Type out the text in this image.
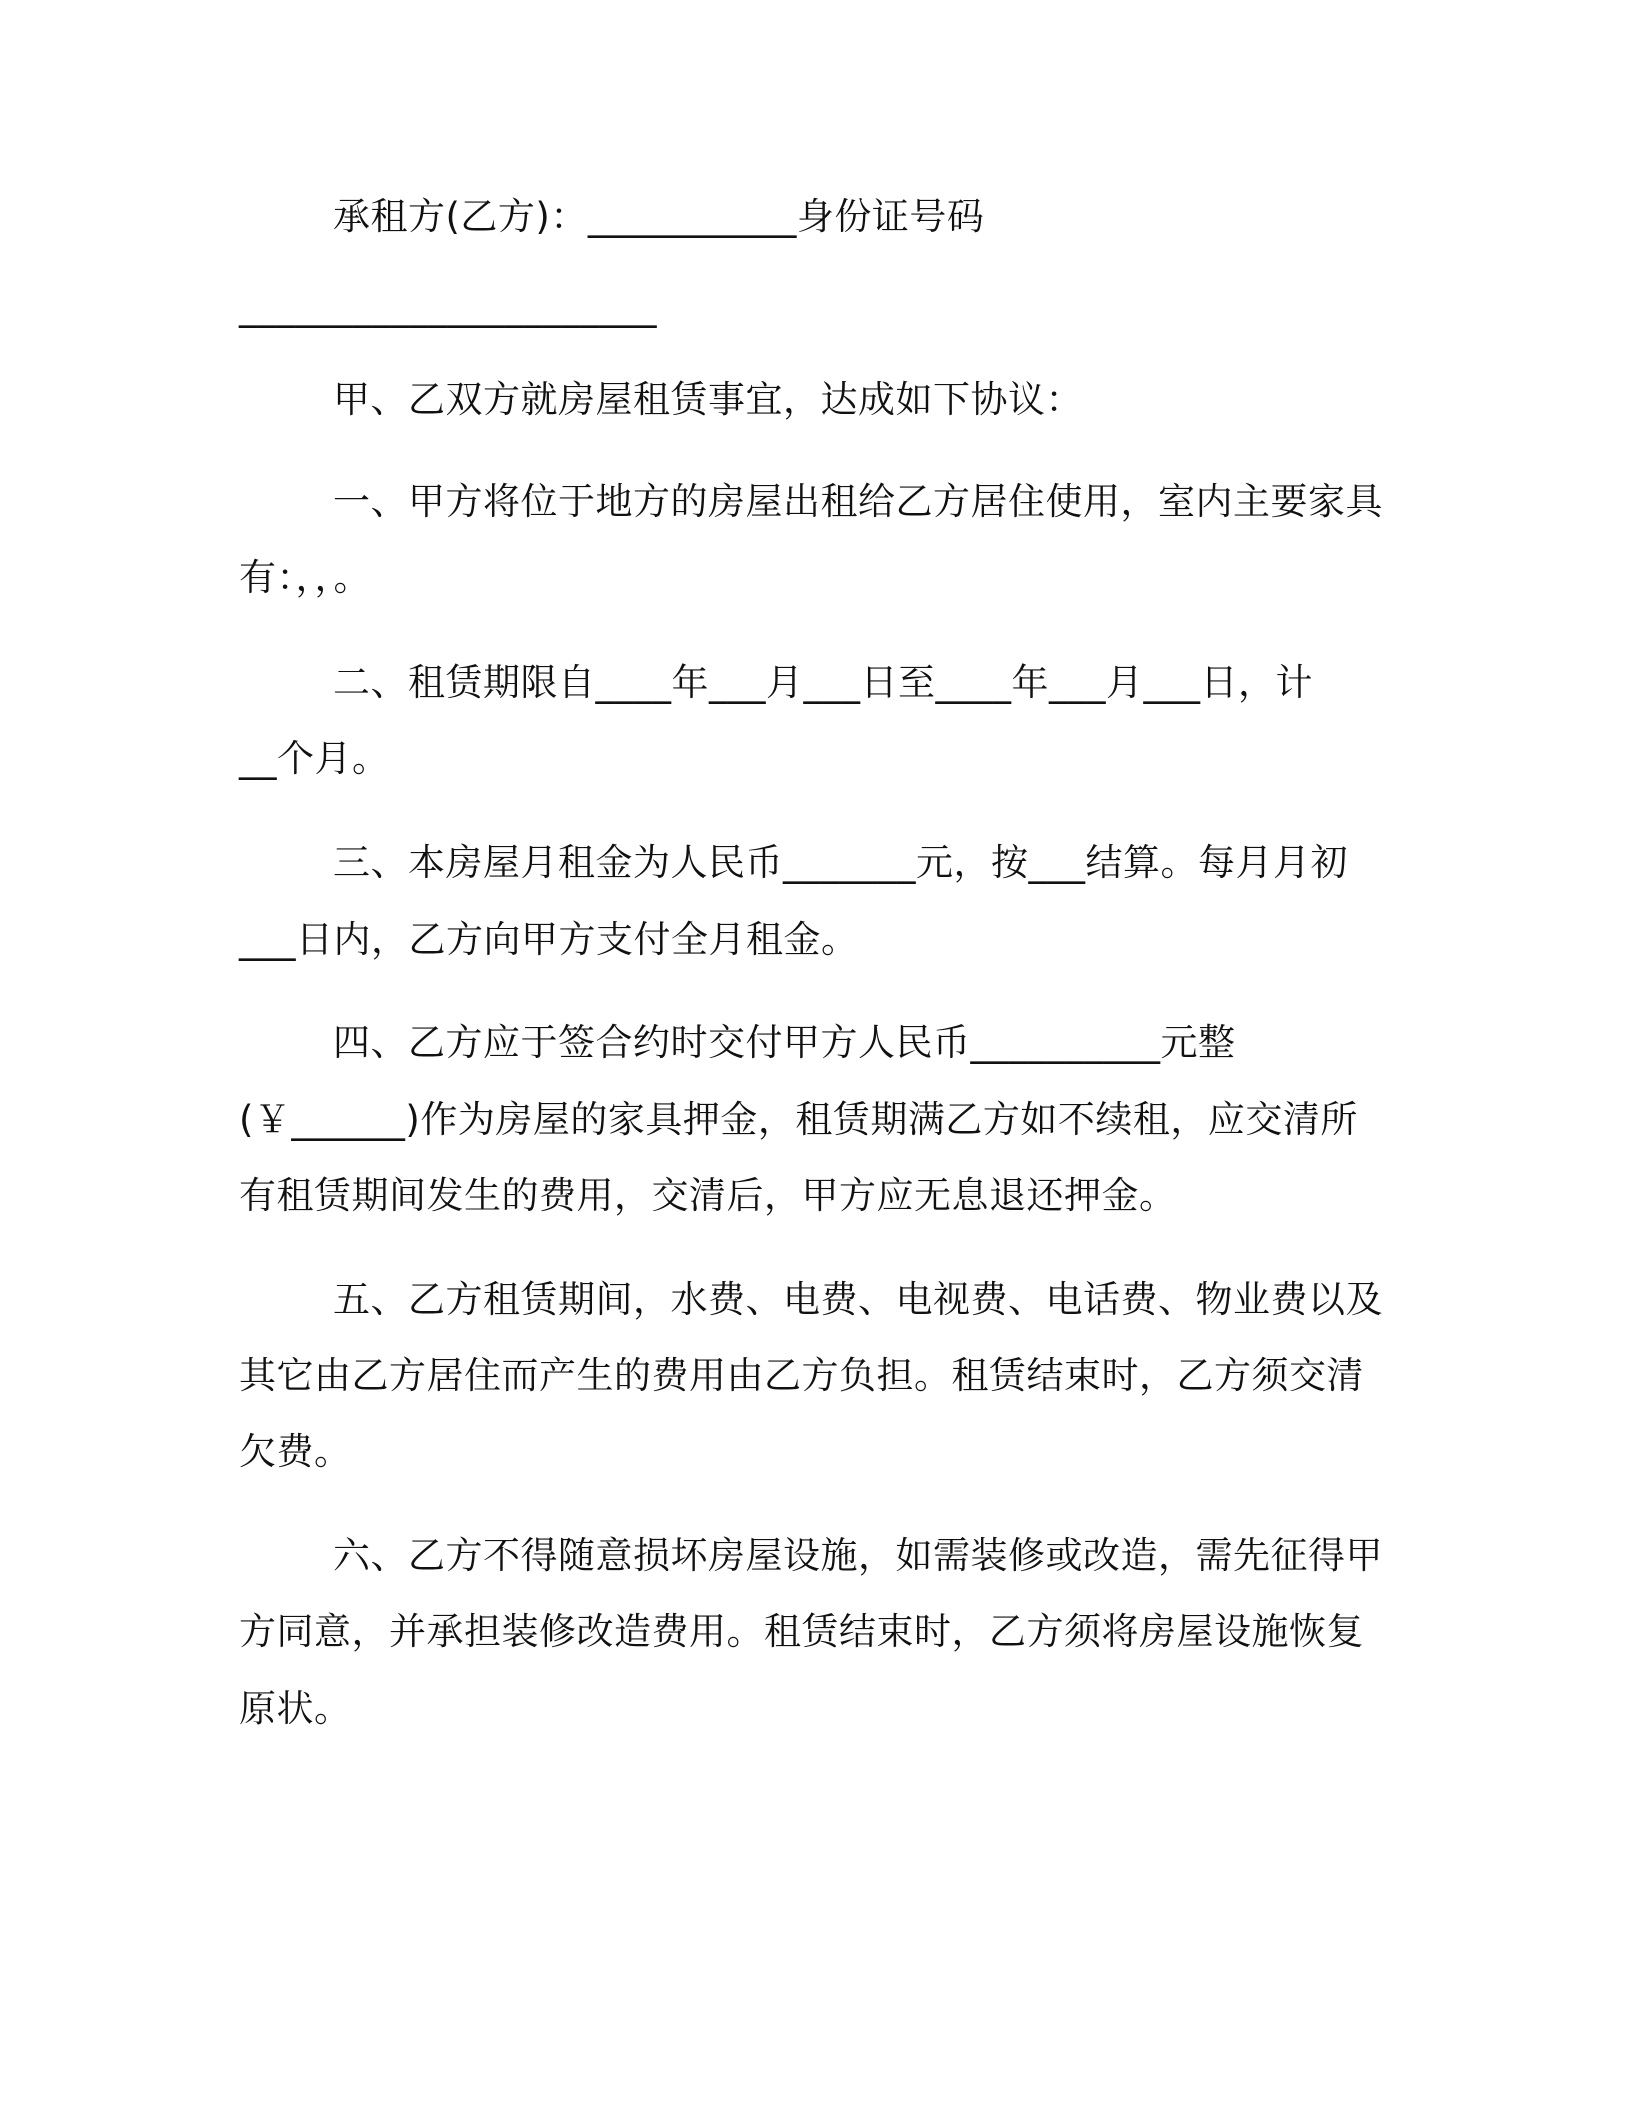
承租方(乙方)：___________身份证号码
______________________
甲、乙双方就房屋租赁事宜，达成如下协议：
一、甲方将位于地方的房屋出租给乙方居住使用，室内主要家具
有：，，。
二、租赁期限自____年___月___日至____年___月___日，计
__个月。
三、本房屋月租金为人民币_______元，按___结算。每月月初
___日内，乙方向甲方支付全月租金。
四、乙方应于签合约时交付甲方人民币__________元整
(￥______)作为房屋的家具押金，租赁期满乙方如不续租，应交清所
有租赁期间发生的费用，交清后，甲方应无息退还押金。
五、乙方租赁期间，水费、电费、电视费、电话费、物业费以及
其它由乙方居住而产生的费用由乙方负担。租赁结束时，乙方须交清
欠费。
六、乙方不得随意损坏房屋设施，如需装修或改造，需先征得甲
方同意，并承担装修改造费用。租赁结束时，乙方须将房屋设施恢复
原状。
